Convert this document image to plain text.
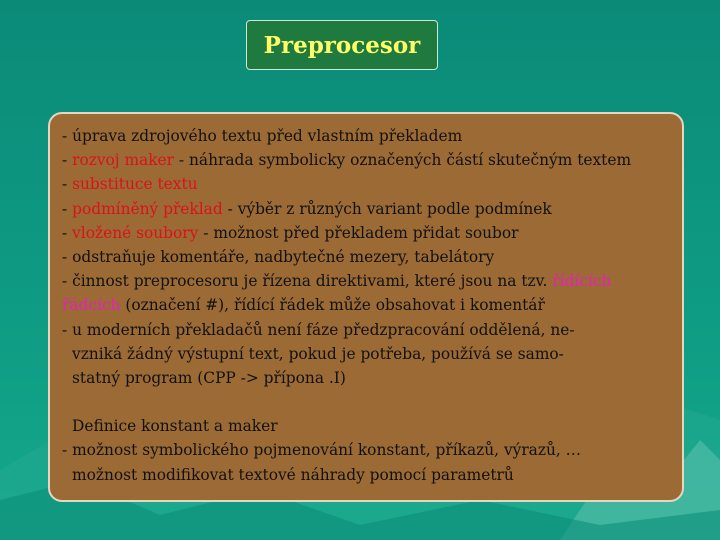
Preprocesor
- úprava zdrojového textu před vlastním překladem
- rozvoj maker - náhrada symbolicky označených částí skutečným textem
- substituce textu
- podmíněný překlad - výběr z různých variant podle podmínek
- vložené soubory - možnost před překladem přidat soubor
- odstraňuje komentáře, nadbytečné mezery, tabelátory
- činnost preprocesoru je řízena direktivami, které jsou na tzv. řídících
řádcích (označení #), řídící řádek může obsahovat i komentář
- u moderních překladačů není fáze předzpracování oddělená, ne-
vzniká žádný výstupní text, pokud je potřeba, používá se samo-
statný program (CPP -> přípona .I)
Definice konstant a maker
- možnost symbolického pojmenování konstant, příkazů, výrazů, …
možnost modifikovat textové náhrady pomocí parametrů
